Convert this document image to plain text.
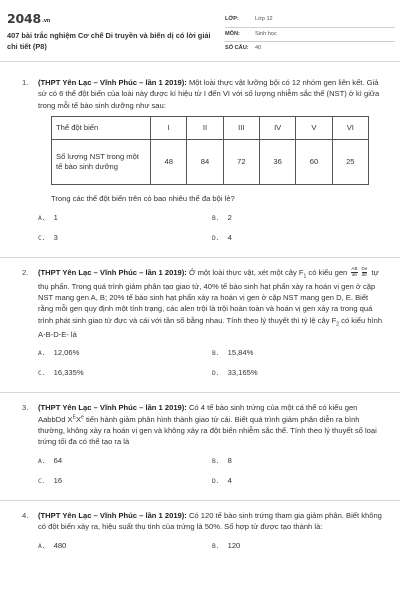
2048.vn
407 bài trắc nghiệm Cơ chế Di truyền và biến dị có lời giải chi tiết (P8)
LỚP:	Lớp 12
MÔN:	Sinh học
SỐ CÂU: 40
1. (THPT Yên Lạc – Vĩnh Phúc – lần 1 2019): Một loài thực vật lưỡng bội có 12 nhóm gen liên kết. Giả sử có 6 thể đột biến của loài này được kí hiệu từ I đến VI với số lượng nhiễm sắc thể (NST) ở kì giữa trong mỗi tế bào sinh dưỡng như sau:
Thể đột biến	I	II	III	IV	V	VI
Số lượng NST trong một tế bào sinh dưỡng	48	84	72	36	60	25
Trong các thể đột biến trên có bao nhiêu thể đa bội lẻ?
A. 1	B. 2
C. 3	D. 4
2. (THPT Yên Lạc – Vĩnh Phúc – lần 1 2019): Ở một loài thực vật, xét một cây $F_1$ có kiểu gen $\frac{AB}{ab} \frac{De}{dE}$ tự thụ phấn. Trong quá trình giảm phân tạo giao tử, 40% tế bào sinh hạt phấn xảy ra hoán vị gen ở cặp NST mang gen A, B; 20% tế bào sinh hạt phấn xảy ra hoán vị gen ở cặp NST mang gen D, E. Biết rằng mỗi gen quy định một tính trạng, các alen trội là trội hoàn toàn và hoán vị gen xảy ra trong quá trình phát sinh giao tử đực và cái với tần số bằng nhau. Tính theo lý thuyết thì tỷ lệ cây $F_2$ có kiểu hình A-B-D-E- là
A. 12,06%	B. 15,84%
C. 16,335%	D. 33,165%
3. (THPT Yên Lạc – Vĩnh Phúc – lần 1 2019): Có 4 tế bào sinh trứng của một cá thể có kiểu gen AabbDd $X^EXe$ tiến hành giảm phân hình thành giao tử cái. Biết quá trình giảm phân diễn ra bình thường, không xảy ra hoán vị gen và không xảy ra đột biến nhiễm sắc thể. Tính theo lý thuyết số loại trứng tối đa có thể tạo ra là
A. 64	B. 8
C. 16	D. 4
4. (THPT Yên Lạc – Vĩnh Phúc – lần 1 2019): Có 120 tế bào sinh trứng tham gia giảm phân. Biết không có đột biến xảy ra, hiệu suất thụ tinh của trứng là 50%. Số hợp tử được tạo thành là:
A. 480	B. 120
